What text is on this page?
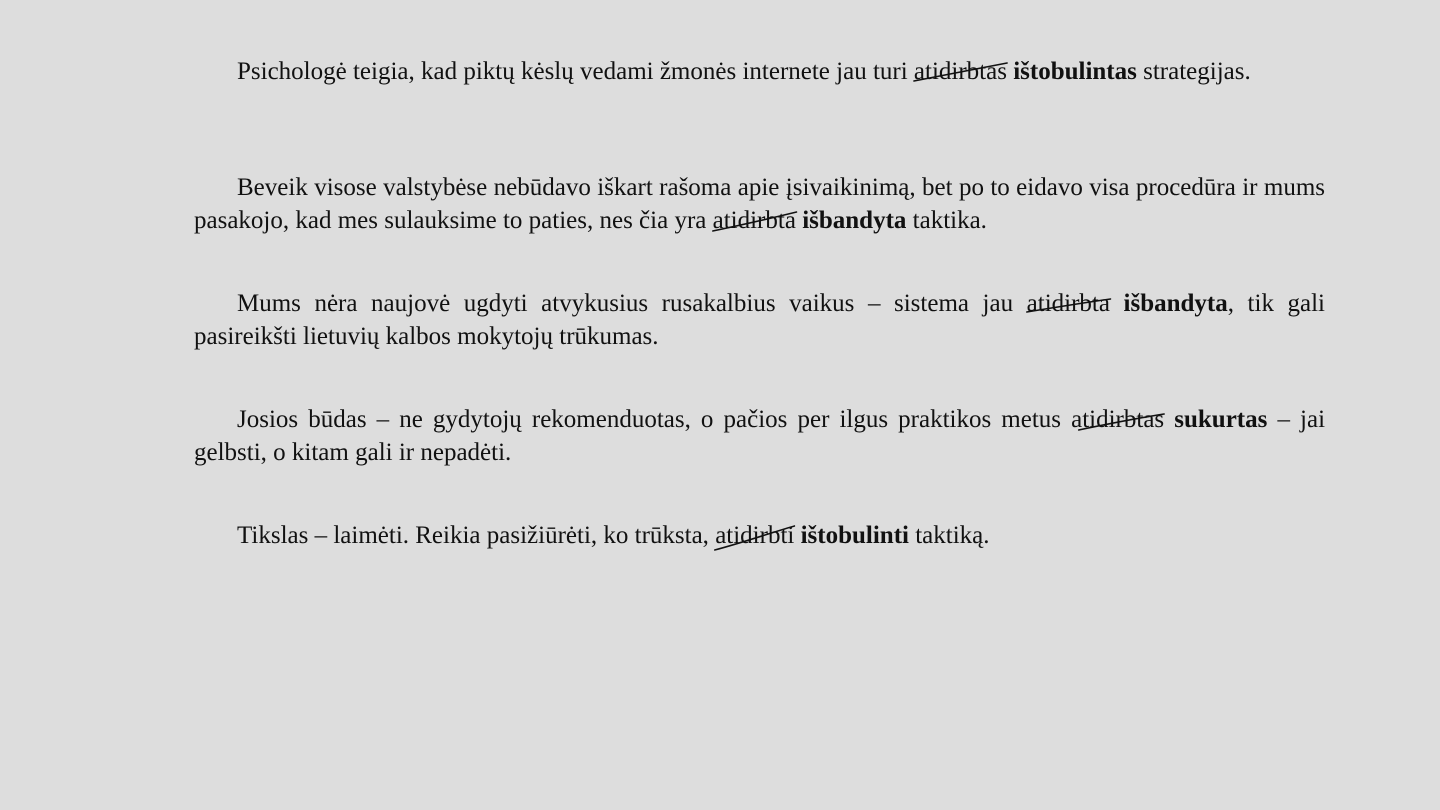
Psichologė teigia, kad piktų kėslų vedami žmonės internete jau turi atidirbtas ištobulintas strategijas.

Beveik visose valstybėse nebūdavo iškart rašoma apie įsivaikinimą, bet po to eidavo visa procedūra ir mums pasakojo, kad mes sulauksime to paties, nes čia yra atidirbta išbandyta taktika.

Mums nėra naujovė ugdyti atvykusius rusakalbius vaikus – sistema jau atidirbta išbandyta, tik gali pasireikšti lietuvių kalbos mokytojų trūkumas.

Josios būdas – ne gydytojų rekomenduotas, o pačios per ilgus praktikos metus atidirbtas sukurtas – jai gelbsti, o kitam gali ir nepadėti.

Tikslas – laimėti. Reikia pasižiūrėti, ko trūksta, atidirbti ištobulinti taktiką.
